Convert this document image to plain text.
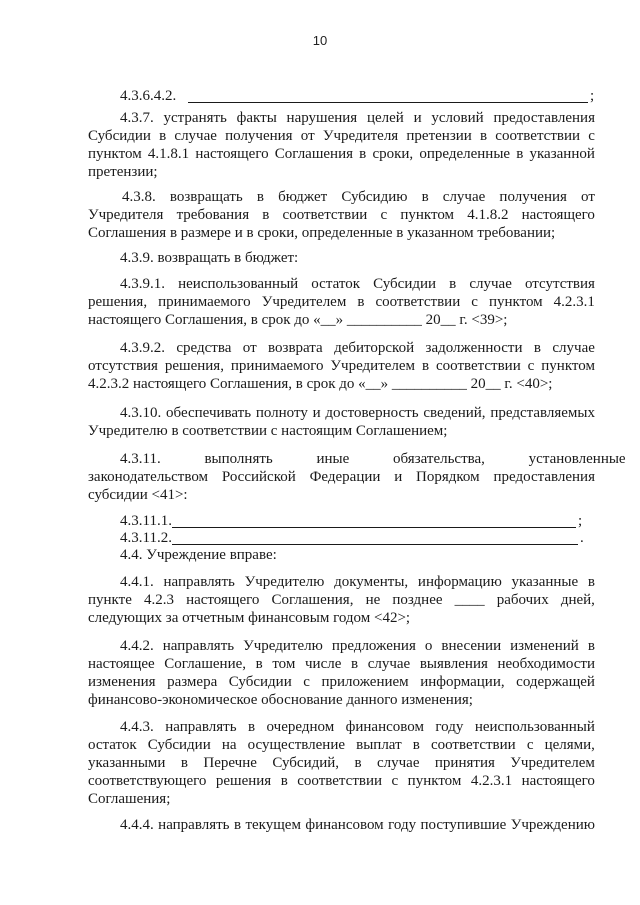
10
4.3.6.4.2.	;
4.3.7. устранять факты нарушения целей и условий предоставления
Субсидии в случае получения от Учредителя претензии в соответствии с
пунктом 4.1.8.1 настоящего Соглашения в сроки, определенные в указанной
претензии;
4.3.8. возвращать в бюджет Субсидию в случае получения от
Учредителя требования в соответствии с пунктом 4.1.8.2 настоящего
Соглашения в размере и в сроки, определенные в указанном требовании;
4.3.9. возвращать в бюджет:
4.3.9.1. неиспользованный остаток Субсидии в случае отсутствия
решения, принимаемого Учредителем в соответствии с пунктом 4.2.3.1
настоящего Соглашения, в срок до «__» __________ 20__ г. <39>;
4.3.9.2. средства от возврата дебиторской задолженности в случае
отсутствия решения, принимаемого Учредителем в соответствии с пунктом
4.2.3.2 настоящего Соглашения, в срок до «__» __________ 20__ г. <40>;
4.3.10. обеспечивать полноту и достоверность сведений, представляемых
Учредителю в соответствии с настоящим Соглашением;
4.3.11. выполнять иные обязательства, установленные
законодательством Российской Федерации и Порядком предоставления
субсидии <41>:
4.3.11.1.	;
4.3.11.2.	.
4.4. Учреждение вправе:
4.4.1. направлять Учредителю документы, информацию указанные в
пункте 4.2.3 настоящего Соглашения, не позднее ____ рабочих дней,
следующих за отчетным финансовым годом <42>;
4.4.2. направлять Учредителю предложения о внесении изменений в
настоящее Соглашение, в том числе в случае выявления необходимости
изменения размера Субсидии с приложением информации, содержащей
финансово-экономическое обоснование данного изменения;
4.4.3. направлять в очередном финансовом году неиспользованный
остаток Субсидии на осуществление выплат в соответствии с целями,
указанными в Перечне Субсидий, в случае принятия Учредителем
соответствующего решения в соответствии с пунктом 4.2.3.1 настоящего
Соглашения;
4.4.4. направлять в текущем финансовом году поступившие Учреждению
